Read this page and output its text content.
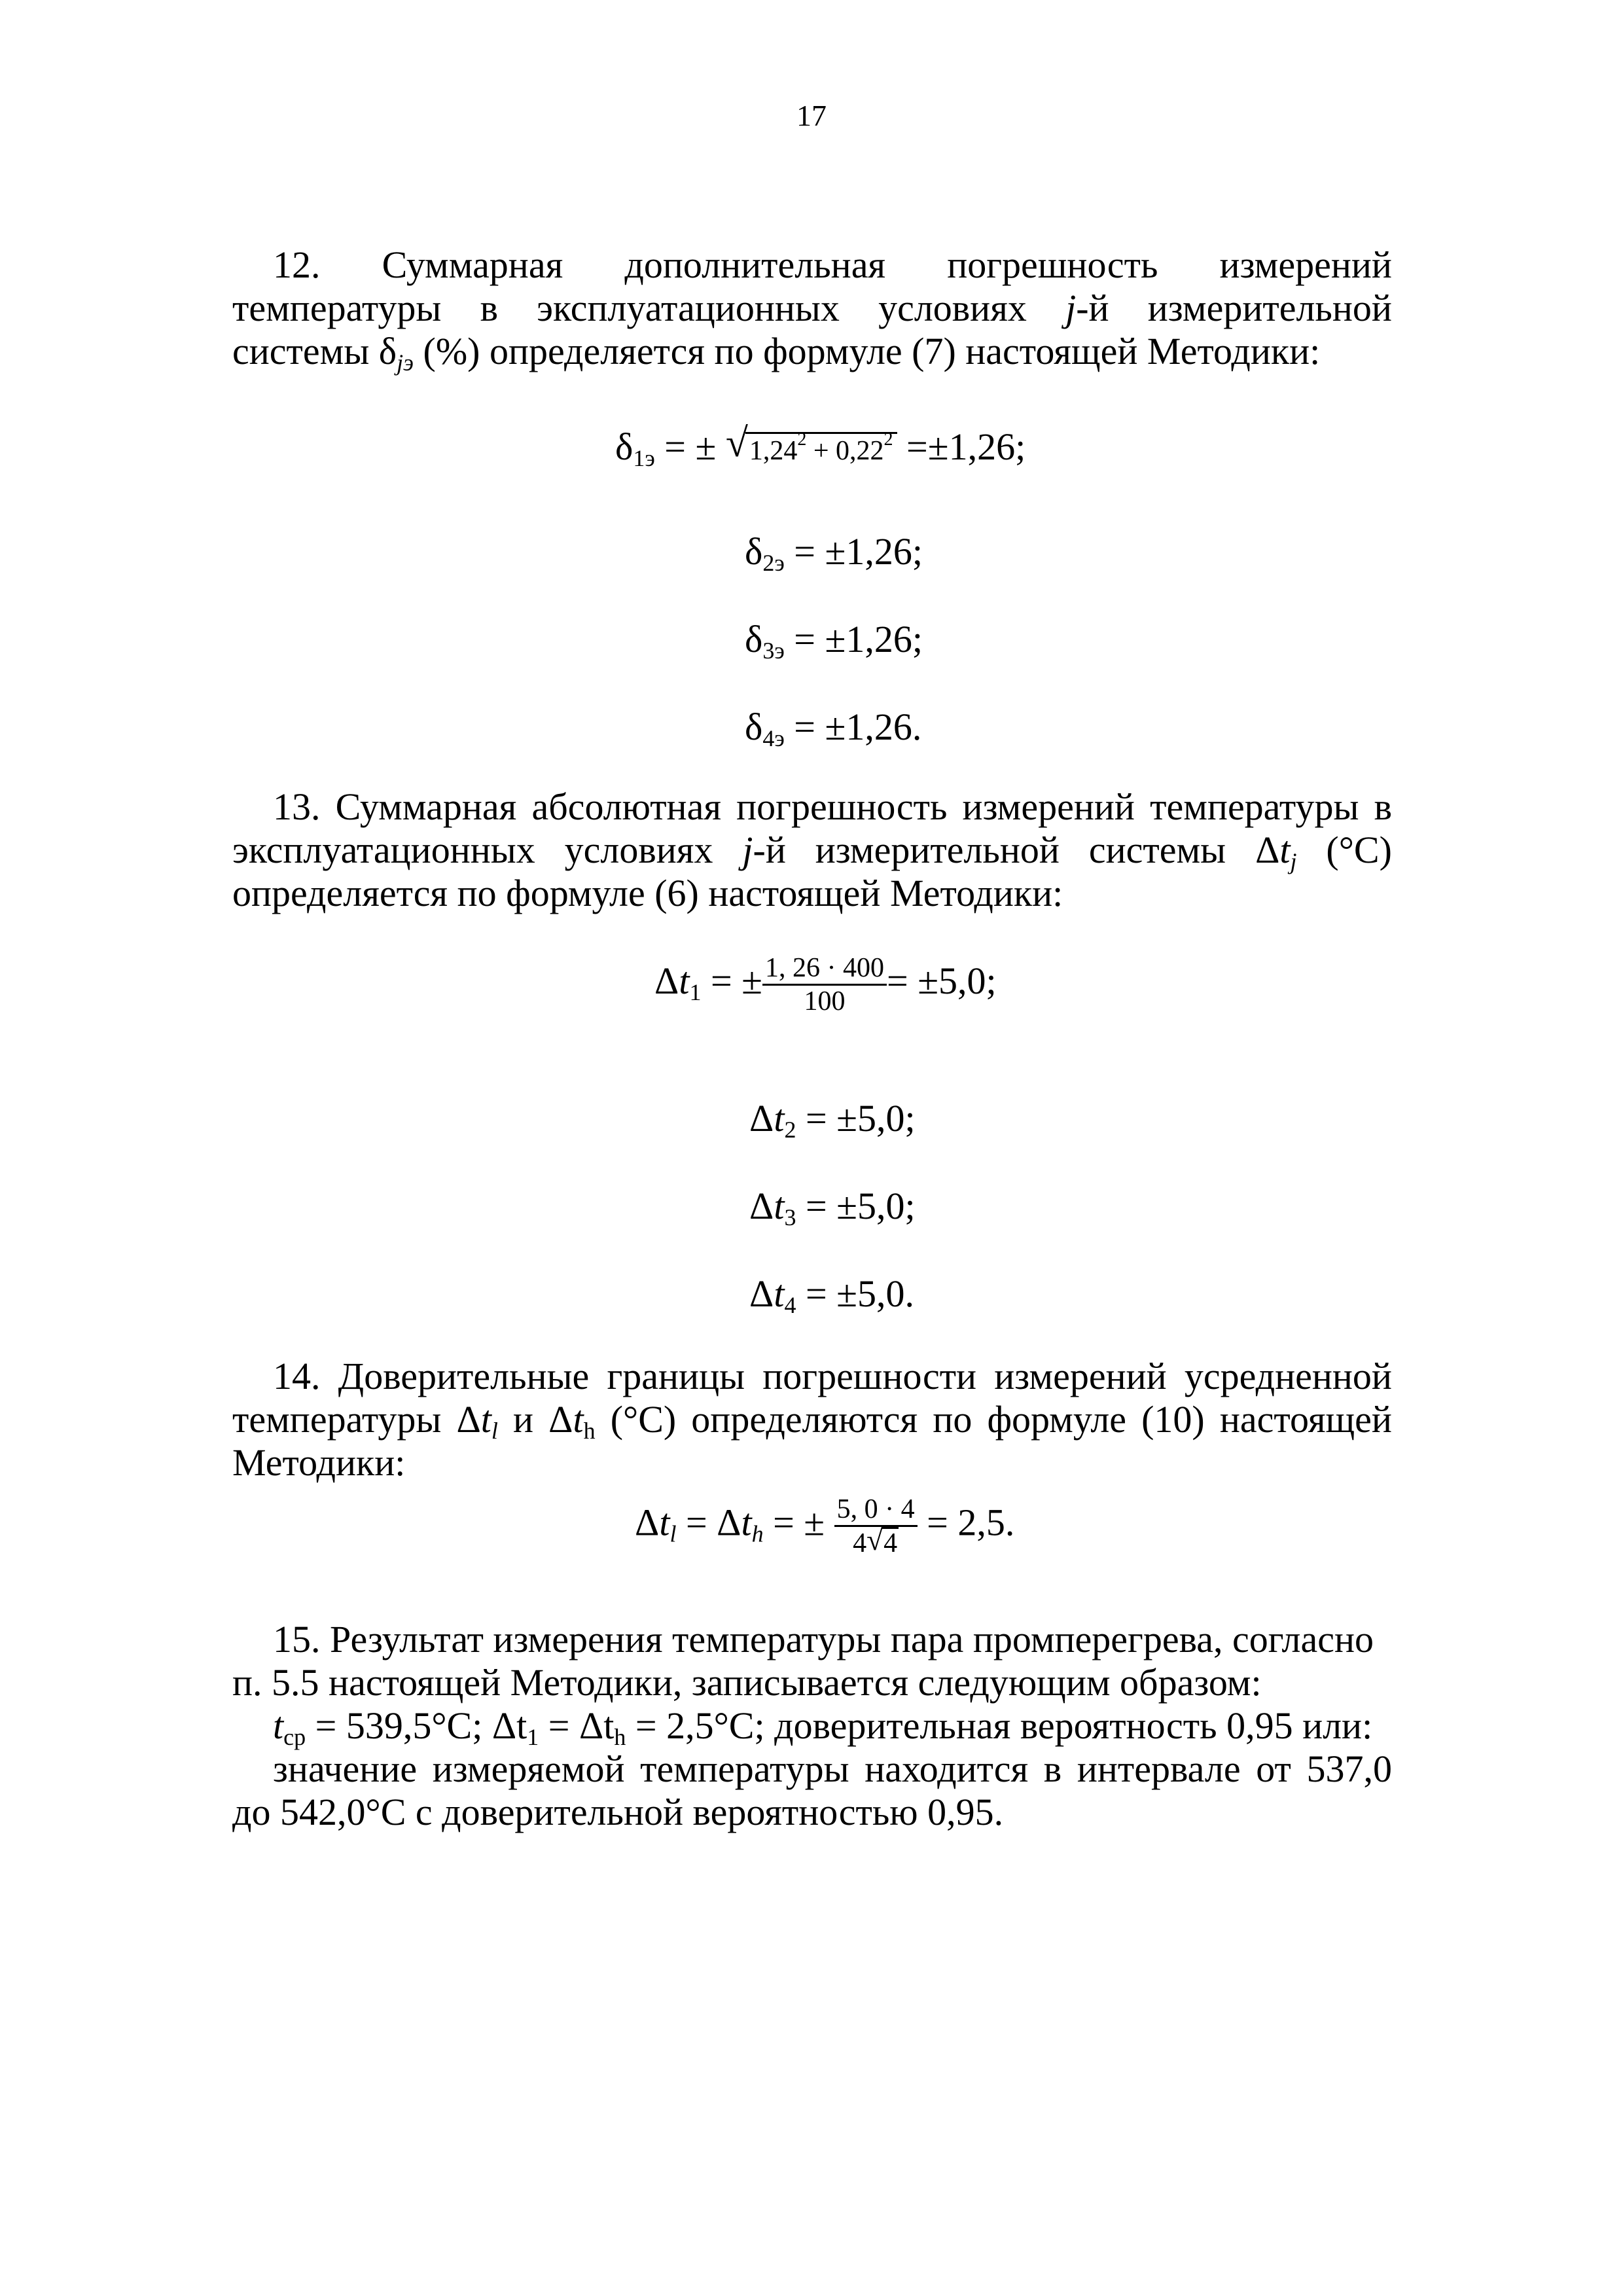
17
12. Суммарная дополнительная погрешность измерений
температуры в эксплуатационных условиях j-й измерительной
системы $\delta_{jэ}$ (%) определяется по формуле (7) настоящей Методики:
$\delta_{1э}$ = ± √ $1,24^2 + 0,22^2 =\pm 1,26$;
$\delta_{2э} = \pm 1,26$;
$\delta_{3э} = \pm 1,26$;
$\delta_{4э} = \pm 1,26$.
13. Суммарная абсолютная погрешность измерений температуры в
эксплуатационных условиях j-й измерительной системы $\Delta t_j$ (°С)
определяется по формуле (6) настоящей Методики:
$\Delta t_1$ = ± $\frac{1, 26 \cdot 400}{100} = \pm 5,0$;
$\Delta t_2 = \pm 5,0$;
$\Delta t_3 = \pm 5,0$;
$\Delta t_4 = \pm 5,0$.
14. Доверительные границы погрешности измерений усредненной
температуры $\Delta t_l$ и $\Delta t_h$ (°С) определяются по формуле (10) настоящей
Методики:
$\Delta t_l = \Delta t_h$ = ± $\frac{5, 0 \cdot 4}{4 √ 4} = 2,5$.
15. Результат измерения температуры пара промперегрева, согласно
п. 5.5 настоящей Методики, записывается следующим образом:
$t_{ср} = 539,5^\circ С$; $\Delta t_1 = \Delta t_h = 2,5^\circ С$; доверительная вероятность 0,95 или:
значение измеряемой температуры находится в интервале от 537,0
до 542,0°С с доверительной вероятностью 0,95.
